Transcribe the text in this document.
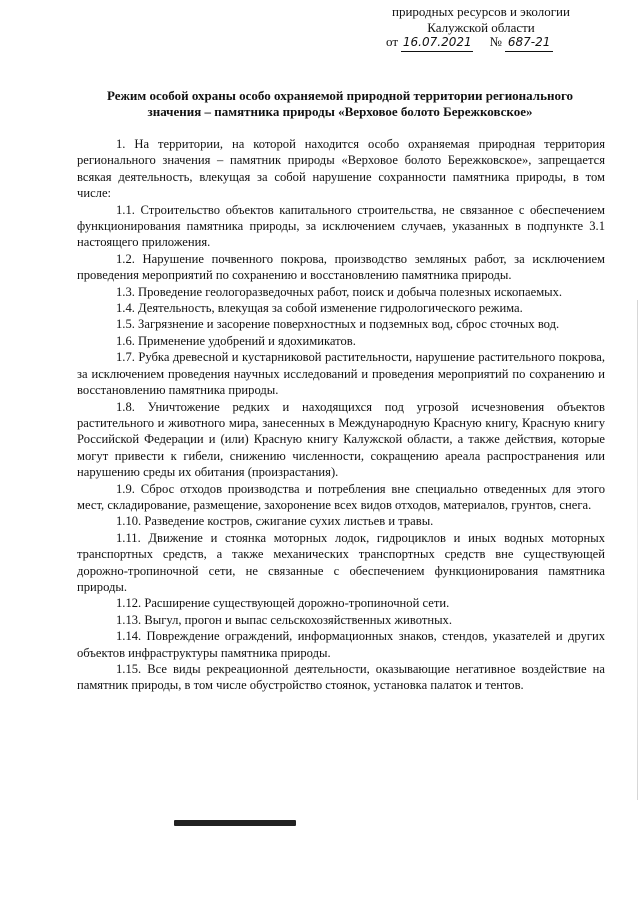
природных ресурсов и экологии
Калужской области
от 16.07.2021 № 687-21
Режим особой охраны особо охраняемой природной территории регионального
значения – памятника природы «Верховое болото Бережковское»

1. На территории, на которой находится особо охраняемая природная территория регионального значения – памятник природы «Верховое болото Бережковское», запрещается всякая деятельность, влекущая за собой нарушение сохранности памятника природы, в том числе:

1.1. Строительство объектов капитального строительства, не связанное с обеспечением функционирования памятника природы, за исключением случаев, указанных в подпункте 3.1 настоящего приложения.

1.2. Нарушение почвенного покрова, производство земляных работ, за исключением проведения мероприятий по сохранению и восстановлению памятника природы.

1.3. Проведение геологоразведочных работ, поиск и добыча полезных ископаемых.

1.4. Деятельность, влекущая за собой изменение гидрологического режима.

1.5. Загрязнение и засорение поверхностных и подземных вод, сброс сточных вод.

1.6. Применение удобрений и ядохимикатов.

1.7. Рубка древесной и кустарниковой растительности, нарушение растительного покрова, за исключением проведения научных исследований и проведения мероприятий по сохранению и восстановлению памятника природы.

1.8. Уничтожение редких и находящихся под угрозой исчезновения объектов растительного и животного мира, занесенных в Международную Красную книгу, Красную книгу Российской Федерации и (или) Красную книгу Калужской области, а также действия, которые могут привести к гибели, снижению численности, сокращению ареала распространения или нарушению среды их обитания (произрастания).

1.9. Сброс отходов производства и потребления вне специально отведенных для этого мест, складирование, размещение, захоронение всех видов отходов, материалов, грунтов, снега.

1.10. Разведение костров, сжигание сухих листьев и травы.

1.11. Движение и стоянка моторных лодок, гидроциклов и иных водных моторных транспортных средств, а также механических транспортных средств вне существующей дорожно-тропиночной сети, не связанные с обеспечением функционирования памятника природы.

1.12. Расширение существующей дорожно-тропиночной сети.

1.13. Выгул, прогон и выпас сельскохозяйственных животных.

1.14. Повреждение ограждений, информационных знаков, стендов, указателей и других объектов инфраструктуры памятника природы.

1.15. Все виды рекреационной деятельности, оказывающие негативное воздействие на памятник природы, в том числе обустройство стоянок, установка палаток и тентов.
